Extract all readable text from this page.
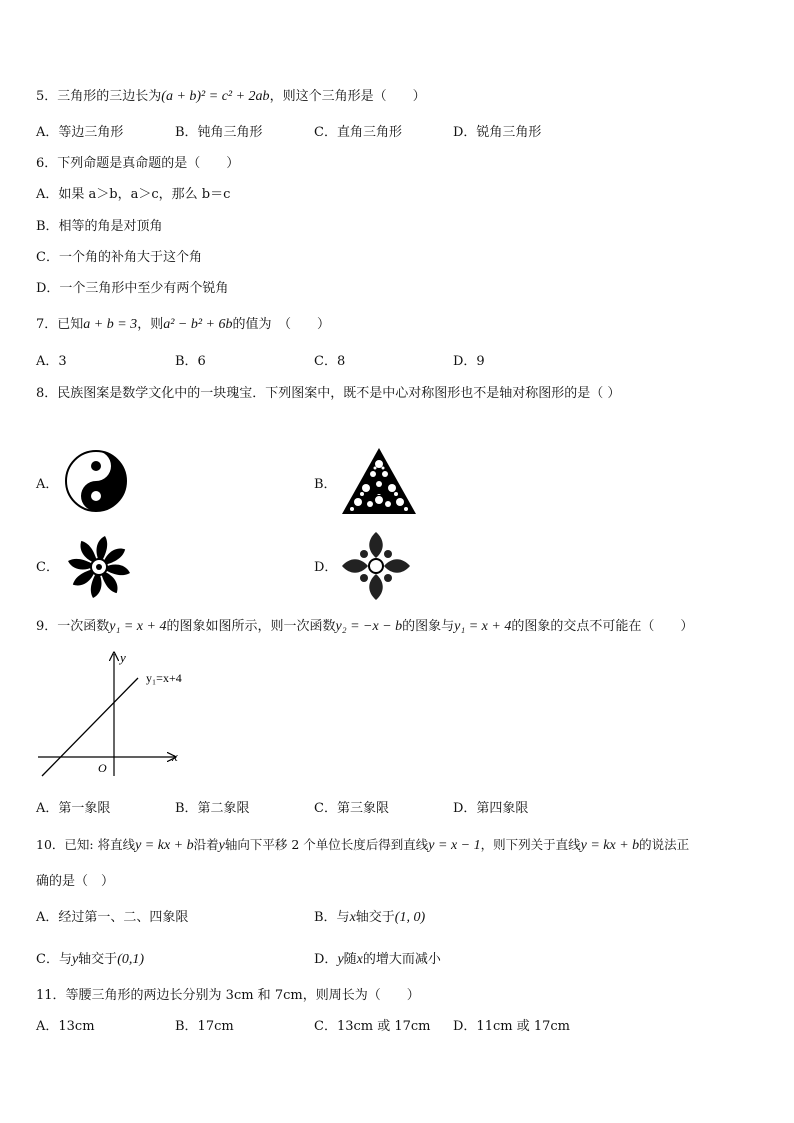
5．三角形的三边长为(a + b)² = c² + 2ab，则这个三角形是（　　）
A．等边三角形	B．钝角三角形	C．直角三角形	D．锐角三角形
6．下列命题是真命题的是（　　）
A．如果 a＞b，a＞c，那么 b＝c
B．相等的角是对顶角
C．一个角的补角大于这个角
D．一个三角形中至少有两个锐角
7．已知a + b = 3，则a² − b² + 6b的值为　（　　）
A．3	B．6	C．8	D．9
8．民族图案是数学文化中的一块瑰宝．下列图案中，既不是中心对称图形也不是轴对称图形的是（ ）
A．	B．
C．	D．
9．一次函数y₁ = x + 4的图象如图所示，则一次函数y₂ = −x − b的图象与y₁ = x + 4的图象的交点不可能在（　　）
y
x
O
y₁=x+4
A．第一象限	B．第二象限	C．第三象限	D．第四象限
10．已知: 将直线y = kx + b沿着y轴向下平移 2 个单位长度后得到直线y = x − 1，则下列关于直线y = kx + b的说法正
确的是（　）
A．经过第一、二、四象限	B．与x轴交于(1, 0)
C．与y轴交于(0,1)	D．y随x的增大而减小
11．等腰三角形的两边长分别为 3cm 和 7cm，则周长为（　　）
A．13cm	B．17cm	C．13cm 或 17cm D．11cm 或 17cm
